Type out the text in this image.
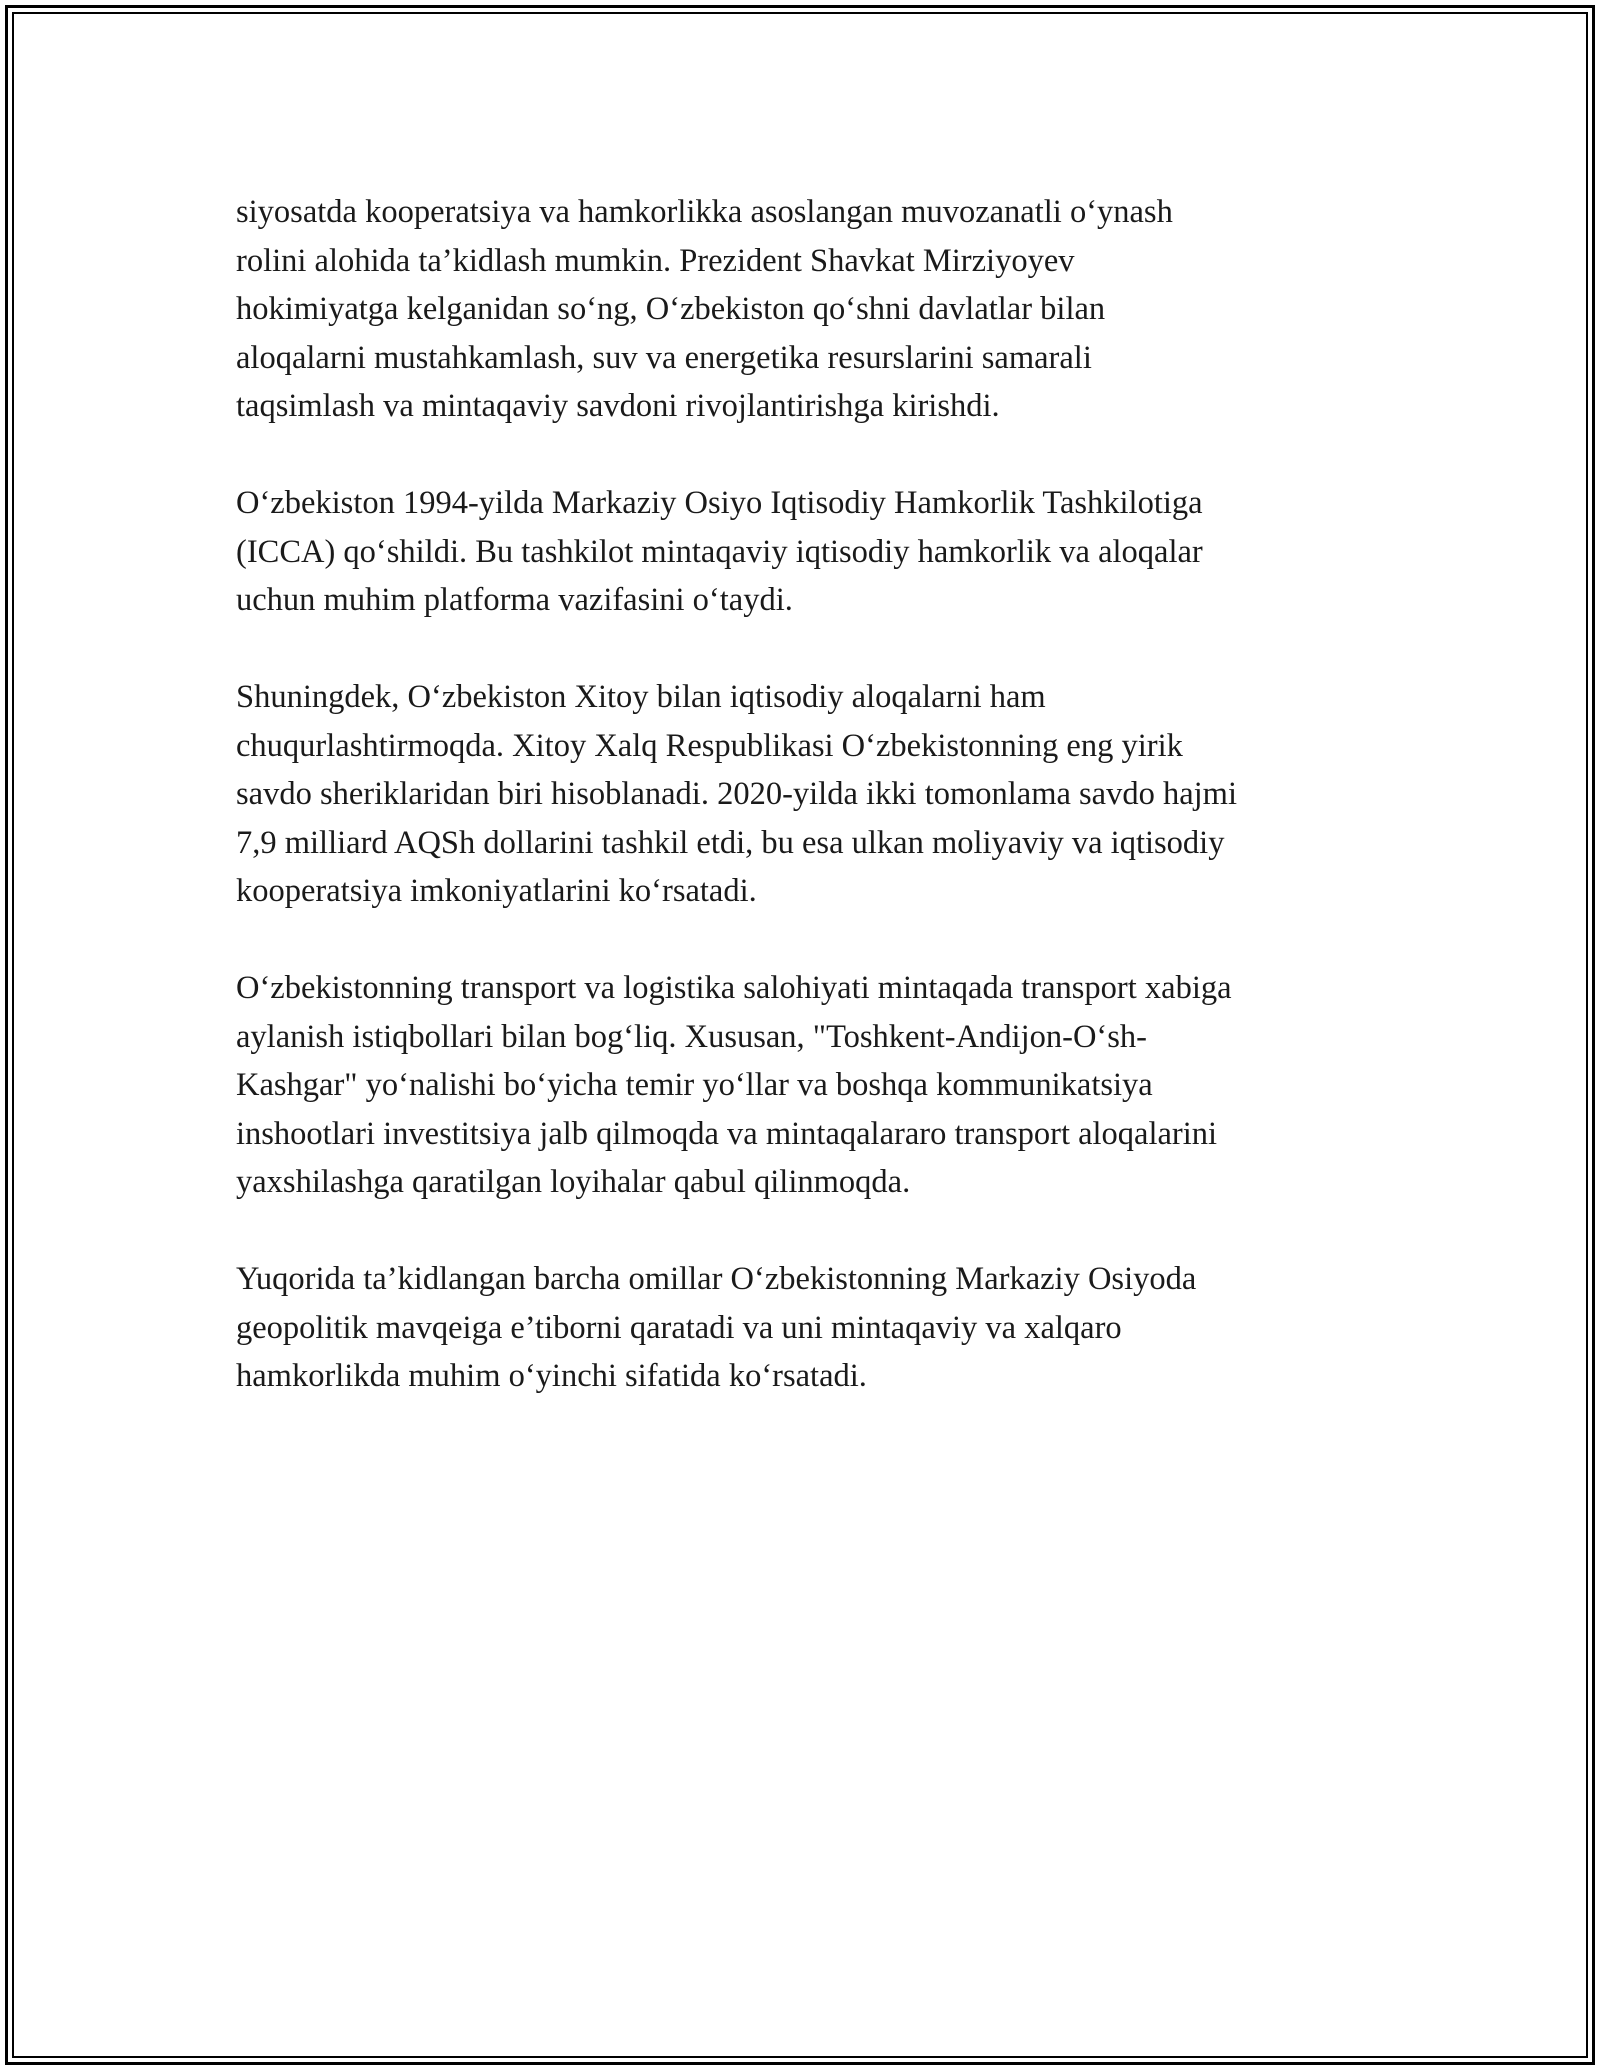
siyosatda kooperatsiya va hamkorlikka asoslangan muvozanatli o‘ynash
rolini alohida ta’kidlash mumkin. Prezident Shavkat Mirziyoyev
hokimiyatga kelganidan so‘ng, O‘zbekiston qo‘shni davlatlar bilan
aloqalarni mustahkamlash, suv va energetika resurslarini samarali
taqsimlash va mintaqaviy savdoni rivojlantirishga kirishdi.

O‘zbekiston 1994-yilda Markaziy Osiyo Iqtisodiy Hamkorlik Tashkilotiga
(ICCA) qo‘shildi. Bu tashkilot mintaqaviy iqtisodiy hamkorlik va aloqalar
uchun muhim platforma vazifasini o‘taydi.

Shuningdek, O‘zbekiston Xitoy bilan iqtisodiy aloqalarni ham
chuqurlashtirmoqda. Xitoy Xalq Respublikasi O‘zbekistonning eng yirik
savdo sheriklaridan biri hisoblanadi. 2020-yilda ikki tomonlama savdo hajmi
7,9 milliard AQSh dollarini tashkil etdi, bu esa ulkan moliyaviy va iqtisodiy
kooperatsiya imkoniyatlarini ko‘rsatadi.

O‘zbekistonning transport va logistika salohiyati mintaqada transport xabiga
aylanish istiqbollari bilan bog‘liq. Xususan, "Toshkent-Andijon-O‘sh-
Kashgar" yo‘nalishi bo‘yicha temir yo‘llar va boshqa kommunikatsiya
inshootlari investitsiya jalb qilmoqda va mintaqalararo transport aloqalarini
yaxshilashga qaratilgan loyihalar qabul qilinmoqda.

Yuqorida ta’kidlangan barcha omillar O‘zbekistonning Markaziy Osiyoda
geopolitik mavqeiga e’tiborni qaratadi va uni mintaqaviy va xalqaro
hamkorlikda muhim o‘yinchi sifatida ko‘rsatadi.
